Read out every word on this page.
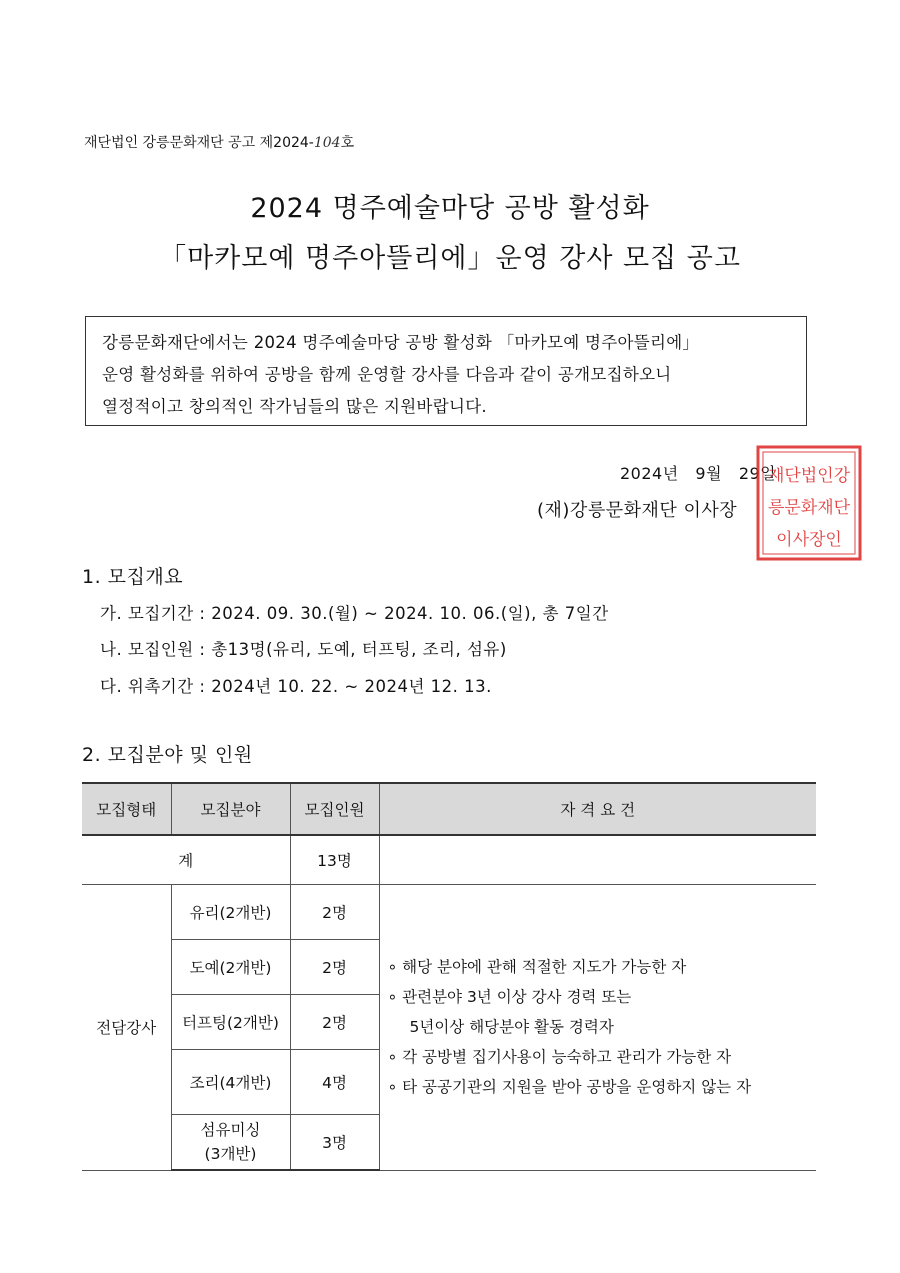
재단법인 강릉문화재단 공고 제2024-104호
2024 명주예술마당 공방 활성화
「마카모예 명주아뜰리에」운영 강사 모집 공고
강릉문화재단에서는 2024 명주예술마당 공방 활성화 「마카모예 명주아뜰리에」
운영 활성화를 위하여 공방을 함께 운영할 강사를 다음과 같이 공개모집하오니
열정적이고 창의적인 작가님들의 많은 지원바랍니다.
2024년   9월   29일
(재)강릉문화재단 이사장
재단법인강
릉문화재단
이사장인
1. 모집개요
가. 모집기간 : 2024. 09. 30.(월) ~ 2024. 10. 06.(일), 총 7일간
나. 모집인원 : 총13명(유리, 도예, 터프팅, 조리, 섬유)
다. 위촉기간 : 2024년 10. 22. ~ 2024년 12. 13.
2. 모집분야 및 인원
모집형태	모집분야	모집인원	자 격 요 건
계		13명	
전담강사	유리(2개반)	2명	∘ 해당 분야에 관해 적절한 지도가 가능한 자
∘ 관련분야 3년 이상 강사 경력 또는
5년이상 해당분야 활동 경력자
∘ 각 공방별 집기사용이 능숙하고 관리가 가능한 자
∘ 타 공공기관의 지원을 받아 공방을 운영하지 않는 자

	도예(2개반)	2명	
	터프팅(2개반)	2명	
	조리(4개반)	4명	

	섬유미싱
(3개반)	3명	
